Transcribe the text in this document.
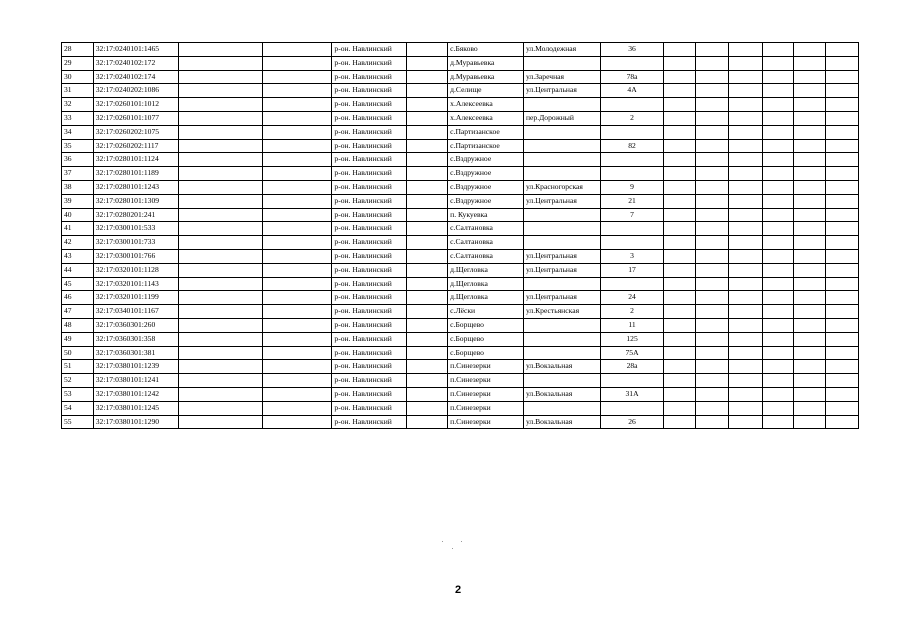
28	32:17:0240101:1465			р-он. Навлинский		с.Бяково	ул.Молодежная	36						
29	32:17:0240102:172			р-он. Навлинский		д.Муравьевка								
30	32:17:0240102:174			р-он. Навлинский		д.Муравьевка	ул.Заречная	78а						
31	32:17:0240202:1086			р-он. Навлинский		д.Селище	ул.Центральная	4А						
32	32:17:0260101:1012			р-он. Навлинский		х.Алексеевка								
33	32:17:0260101:1077			р-он. Навлинский		х.Алексеевка	пер.Дорожный	2						
34	32:17:0260202:1075			р-он. Навлинский		с.Партизанское								
35	32:17:0260202:1117			р-он. Навлинский		с.Партизанское		82						
36	32:17:0280101:1124			р-он. Навлинский		с.Вздружное								
37	32:17:0280101:1189			р-он. Навлинский		с.Вздружное								
38	32:17:0280101:1243			р-он. Навлинский		с.Вздружное	ул.Красногорская	9						
39	32:17:0280101:1309			р-он. Навлинский		с.Вздружное	ул.Центральная	21						
40	32:17:0280201:241			р-он. Навлинский		п. Кукуевка		7						
41	32:17:0300101:533			р-он. Навлинский		с.Салтановка								
42	32:17:0300101:733			р-он. Навлинский		с.Салтановка								
43	32:17:0300101:766			р-он. Навлинский		с.Салтановка	ул.Центральная	3						
44	32:17:0320101:1128			р-он. Навлинский		д.Щегловка	ул.Центральная	17						
45	32:17:0320101:1143			р-он. Навлинский		д.Щегловка								
46	32:17:0320101:1199			р-он. Навлинский		д.Щегловка	ул.Центральная	24						
47	32:17:0340101:1167			р-он. Навлинский		с.Лёски	ул.Крестьянская	2						
48	32:17:0360301:260			р-он. Навлинский		с.Борщево		11						
49	32:17:0360301:358			р-он. Навлинский		с.Борщево		125						
50	32:17:0360301:381			р-он. Навлинский		с.Борщево		75А						
51	32:17:0380101:1239			р-он. Навлинский		п.Синезерки	ул.Вокзальная	28а						
52	32:17:0380101:1241			р-он. Навлинский		п.Синезерки								
53	32:17:0380101:1242			р-он. Навлинский		п.Синезерки	ул.Вокзальная	31А						
54	32:17:0380101:1245			р-он. Навлинский		п.Синезерки								
55	32:17:0380101:1290			р-он. Навлинский		п.Синезерки	ул.Вокзальная	26						
2
